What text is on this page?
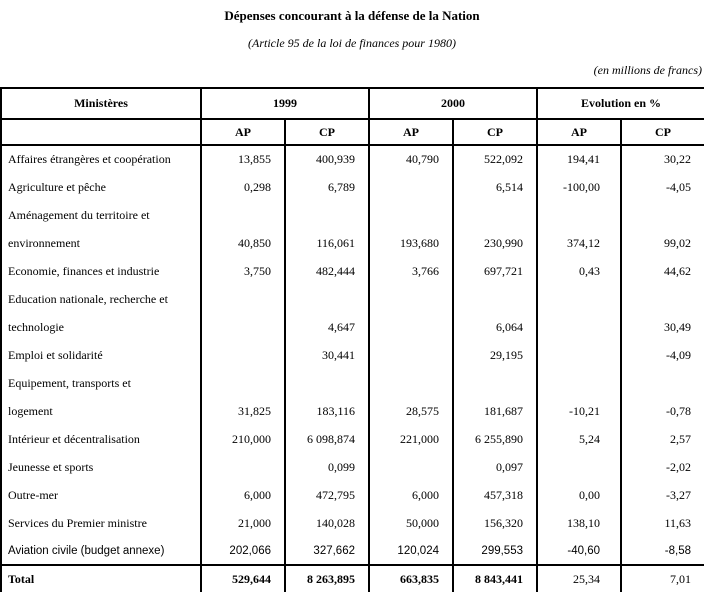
Dépenses concourant à la défense de la Nation
(Article 95 de la loi de finances pour 1980)
(en millions de francs)
Ministères	1999		2000		Evolution en %	
	AP	CP	AP	CP	AP	CP
Affaires étrangères et coopération	13,855	400,939	40,790	522,092	194,41	30,22
Agriculture et pêche	0,298	6,789		6,514	-100,00	-4,05
Aménagement du territoire et						
environnement	40,850	116,061	193,680	230,990	374,12	99,02
Economie, finances et industrie	3,750	482,444	3,766	697,721	0,43	44,62
Education nationale, recherche et						
technologie		4,647		6,064		30,49
Emploi et solidarité		30,441		29,195		-4,09
Equipement, transports et						
logement	31,825	183,116	28,575	181,687	-10,21	-0,78
Intérieur et décentralisation	210,000	6 098,874	221,000	6 255,890	5,24	2,57
Jeunesse et sports		0,099		0,097		-2,02
Outre-mer	6,000	472,795	6,000	457,318	0,00	-3,27
Services du Premier ministre	21,000	140,028	50,000	156,320	138,10	11,63
Aviation civile (budget annexe)	202,066	327,662	120,024	299,553	-40,60	-8,58
Total	529,644	8 263,895	663,835	8 843,441	25,34	7,01
